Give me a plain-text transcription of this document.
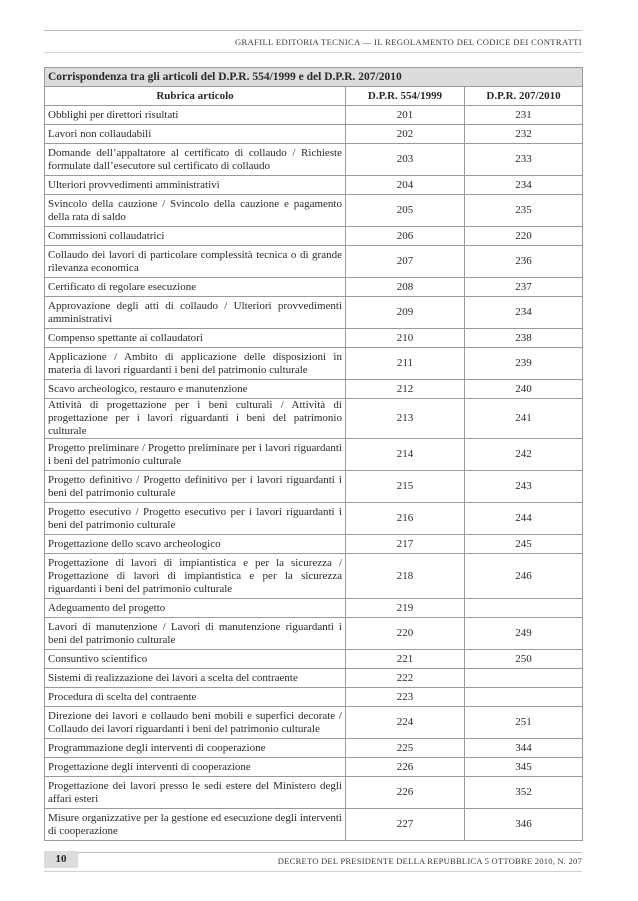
GRAFILL EDITORIA TECNICA — IL REGOLAMENTO DEL CODICE DEI CONTRATTI
Corrispondenza tra gli articoli del D.P.R. 554/1999 e del D.P.R. 207/2010		
Rubrica articolo	D.P.R. 554/1999	D.P.R. 207/2010
Obblighi per direttori risultati	201	231
Lavori non collaudabili	202	232
Domande dell’appaltatore al certificato di collaudo / Richieste formulate dall’esecutore sul certificato di collaudo	203	233
Ulteriori provvedimenti amministrativi	204	234
Svincolo della cauzione / Svincolo della cauzione e pagamento della rata di saldo	205	235
Commissioni collaudatrici	206	220
Collaudo dei lavori di particolare complessità tecnica o di grande rilevanza economica	207	236
Certificato di regolare esecuzione	208	237
Approvazione degli atti di collaudo / Ulteriori provvedimenti amministrativi	209	234
Compenso spettante ai collaudatori	210	238
Applicazione / Ambito di applicazione delle disposizioni in materia di lavori riguardanti i beni del patrimonio culturale	211	239
Scavo archeologico, restauro e manutenzione	212	240
Attività di progettazione per i beni culturali / Attività di progettazione per i lavori riguardanti i beni del patrimonio culturale	213	241
Progetto preliminare / Progetto preliminare per i lavori riguardanti i beni del patrimonio culturale	214	242
Progetto definitivo / Progetto definitivo per i lavori riguardanti i beni del patrimonio culturale	215	243
Progetto esecutivo / Progetto esecutivo per i lavori riguardanti i beni del patrimonio culturale	216	244
Progettazione dello scavo archeologico	217	245
Progettazione di lavori di impiantistica e per la sicurezza / Progettazione di lavori di impiantistica e per la sicurezza riguardanti i beni del patrimonio culturale	218	246
Adeguamento del progetto	219	
Lavori di manutenzione / Lavori di manutenzione riguardanti i beni del patrimonio culturale	220	249
Consuntivo scientifico	221	250
Sistemi di realizzazione dei lavori a scelta del contraente	222	
Procedura di scelta del contraente	223	
Direzione dei lavori e collaudo beni mobili e superfici decorate / Collaudo dei lavori riguardanti i beni del patrimonio culturale	224	251
Programmazione degli interventi di cooperazione	225	344
Progettazione degli interventi di cooperazione	226	345
Progettazione dei lavori presso le sedi estere del Ministero degli affari esteri	226	352
Misure organizzative per la gestione ed esecuzione degli interventi di cooperazione	227	346
10	DECRETO DEL PRESIDENTE DELLA REPUBBLICA 5 OTTOBRE 2010, N. 207
